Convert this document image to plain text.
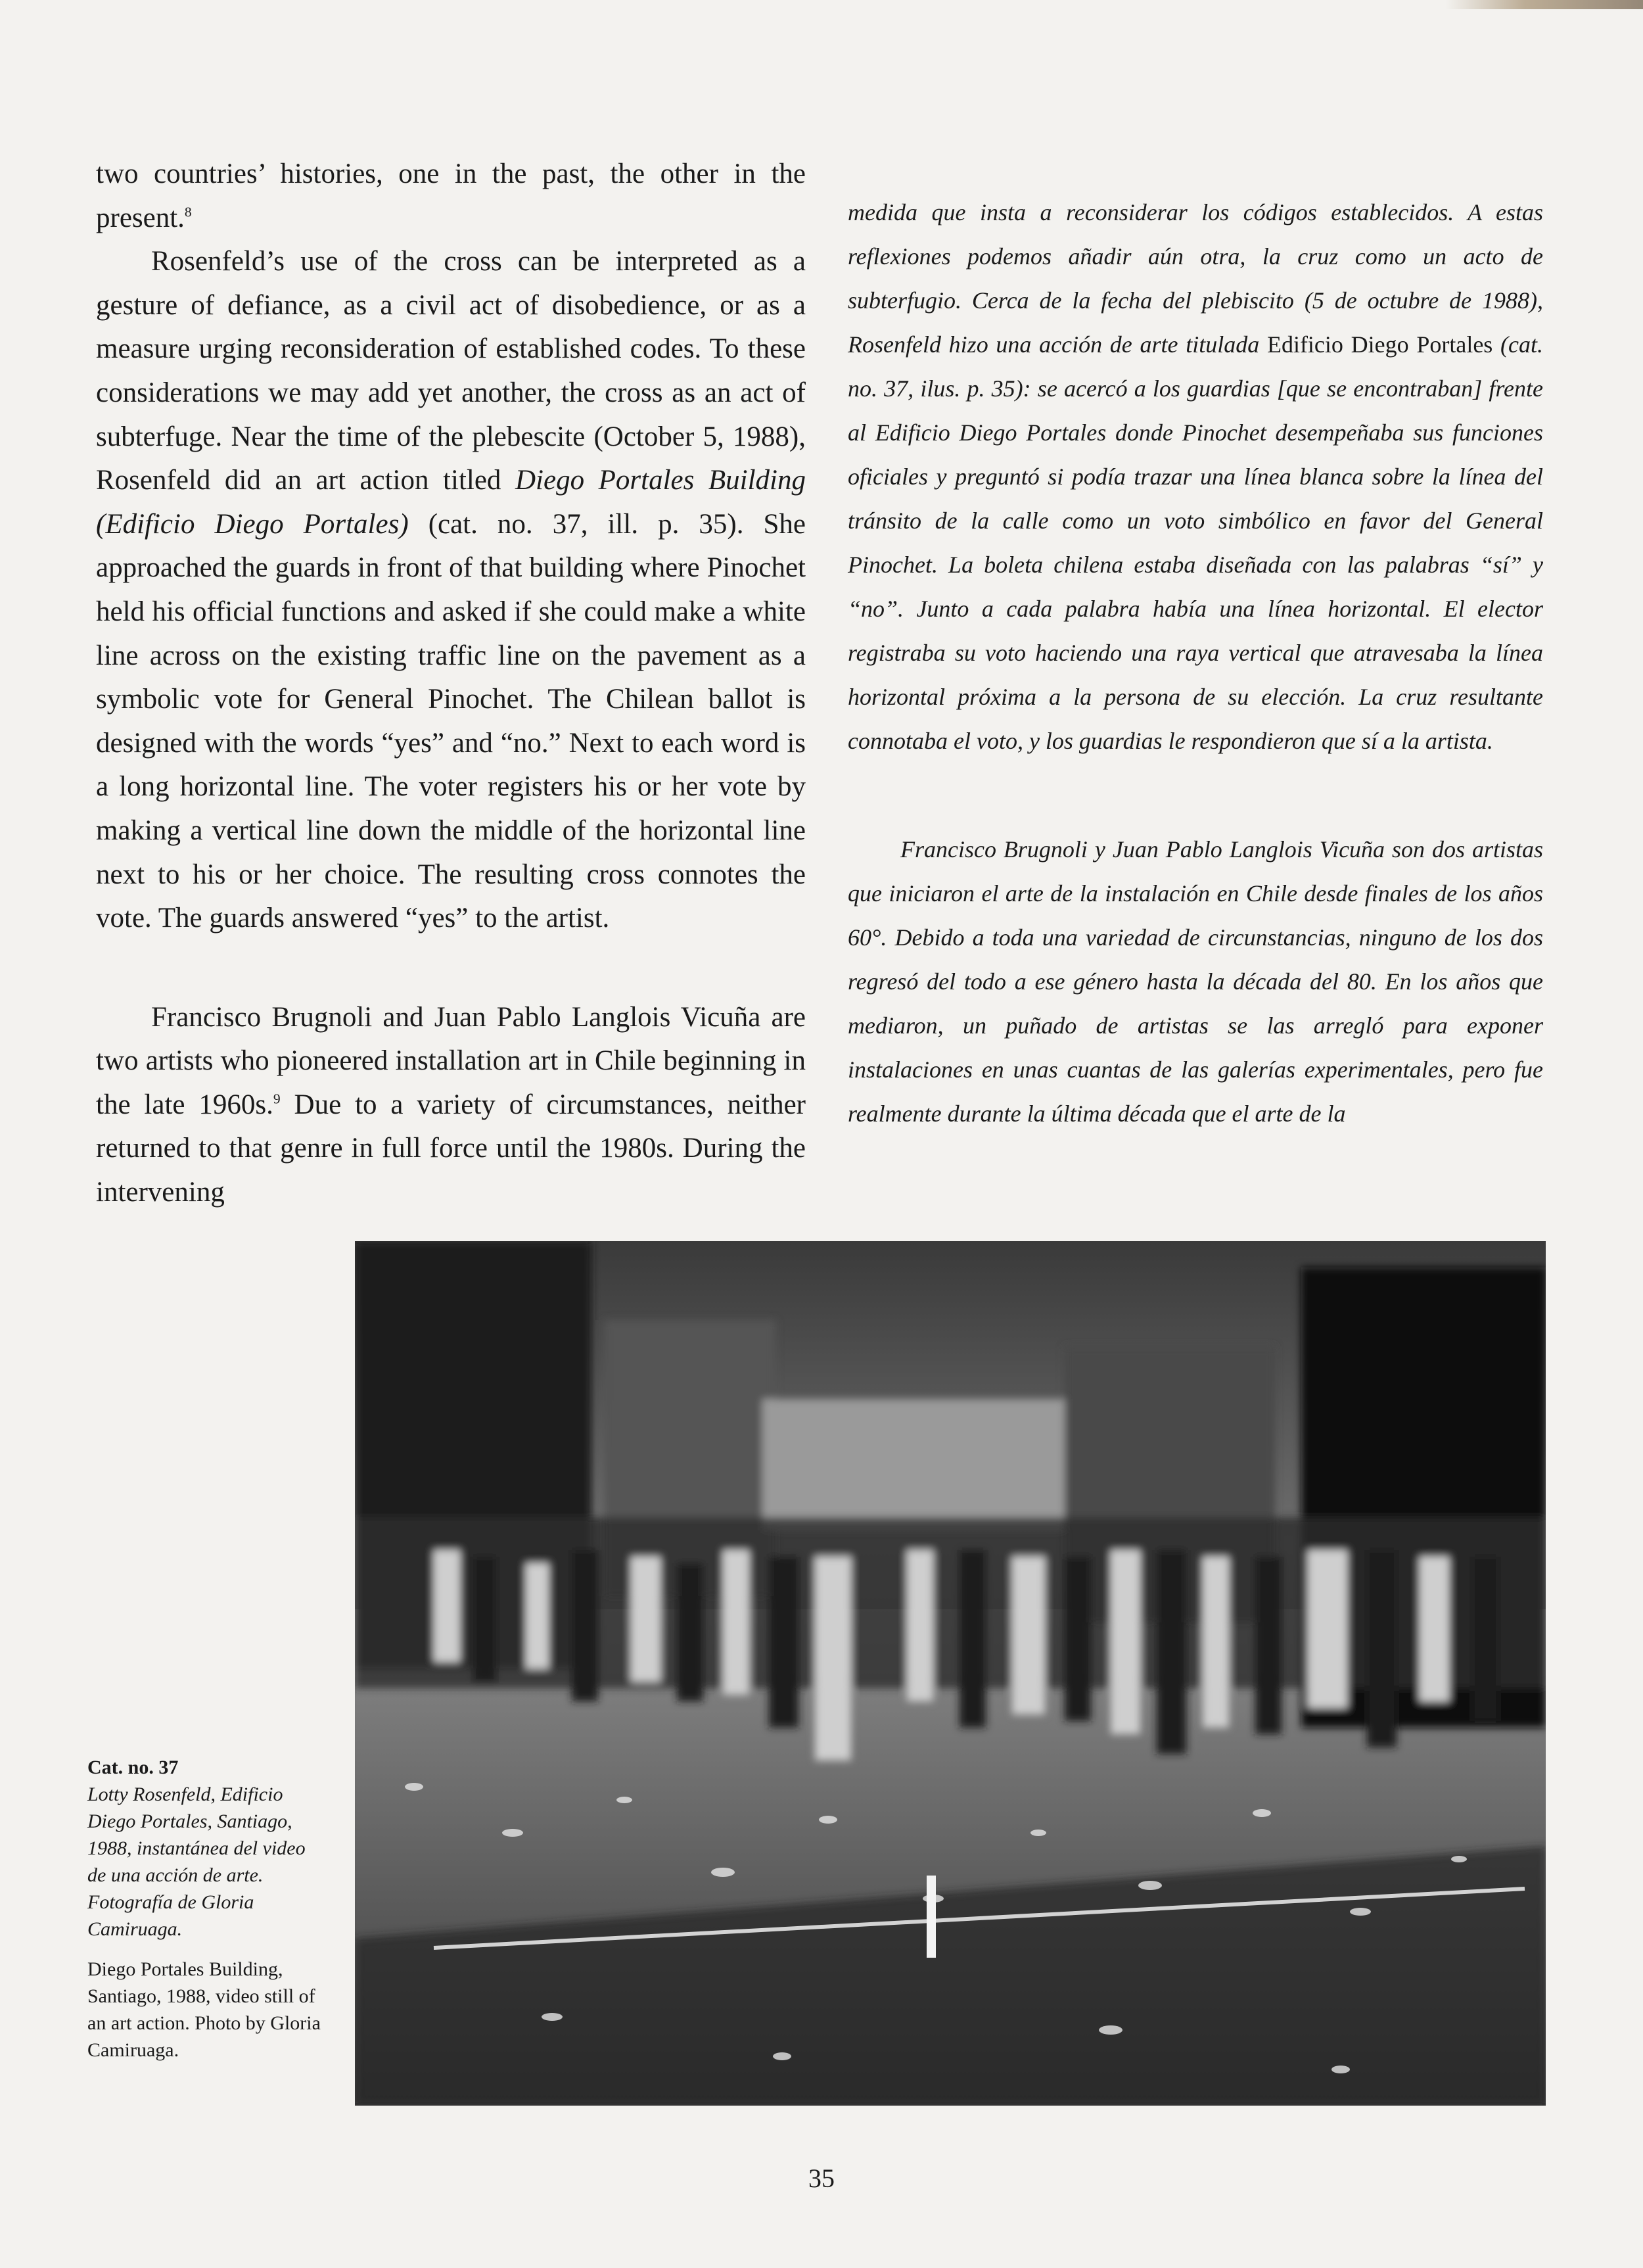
two countries’ histories, one in the past, the other in the present.$^8$

Rosenfeld’s use of the cross can be interpreted as a gesture of defiance, as a civil act of disobedience, or as a measure urging reconsideration of established codes. To these considerations we may add yet another, the cross as an act of subterfuge. Near the time of the plebescite (October 5, 1988), Rosenfeld did an art action titled Diego Portales Building (Edificio Diego Portales) (cat. no. 37, ill. p. 35). She approached the guards in front of that building where Pinochet held his official functions and asked if she could make a white line across on the existing traffic line on the pavement as a symbolic vote for General Pinochet. The Chilean ballot is designed with the words “yes” and “no.” Next to each word is a long horizontal line. The voter registers his or her vote by making a vertical line down the middle of the horizontal line next to his or her choice. The resulting cross connotes the vote. The guards answered “yes” to the artist.

Francisco Brugnoli and Juan Pablo Langlois Vicuña are two artists who pioneered installation art in Chile beginning in the late 1960s.$^9$ Due to a variety of circumstances, neither returned to that genre in full force until the 1980s. During the intervening

medida que insta a reconsiderar los códigos establecidos. A estas reflexiones podemos añadir aún otra, la cruz como un acto de subterfugio. Cerca de la fecha del plebiscito (5 de octubre de 1988), Rosenfeld hizo una acción de arte titulada Edificio Diego Portales (cat. no. 37, ilus. p. 35): se acercó a los guardias [que se encontraban] frente al Edificio Diego Portales donde Pinochet desempeñaba sus funciones oficiales y preguntó si podía trazar una línea blanca sobre la línea del tránsito de la calle como un voto simbólico en favor del General Pinochet. La boleta chilena estaba diseñada con las palabras “sí” y “no”. Junto a cada palabra había una línea horizontal. El elector registraba su voto haciendo una raya vertical que atravesaba la línea horizontal próxima a la persona de su elección. La cruz resultante connotaba el voto, y los guardias le respondieron que sí a la artista.

Francisco Brugnoli y Juan Pablo Langlois Vicuña son dos artistas que iniciaron el arte de la instalación en Chile desde finales de los años 60°. Debido a toda una variedad de circunstancias, ninguno de los dos regresó del todo a ese género hasta la década del 80. En los años que mediaron, un puñado de artistas se las arregló para exponer instalaciones en unas cuantas de las galerías experimentales, pero fue realmente durante la última década que el arte de la

Cat. no. 37

Lotty Rosenfeld, Edificio Diego Portales, Santiago, 1988, instantánea del video de una acción de arte. Fotografía de Gloria Camiruaga.

Diego Portales Building, Santiago, 1988, video still of an art action. Photo by Gloria Camiruaga.

35
